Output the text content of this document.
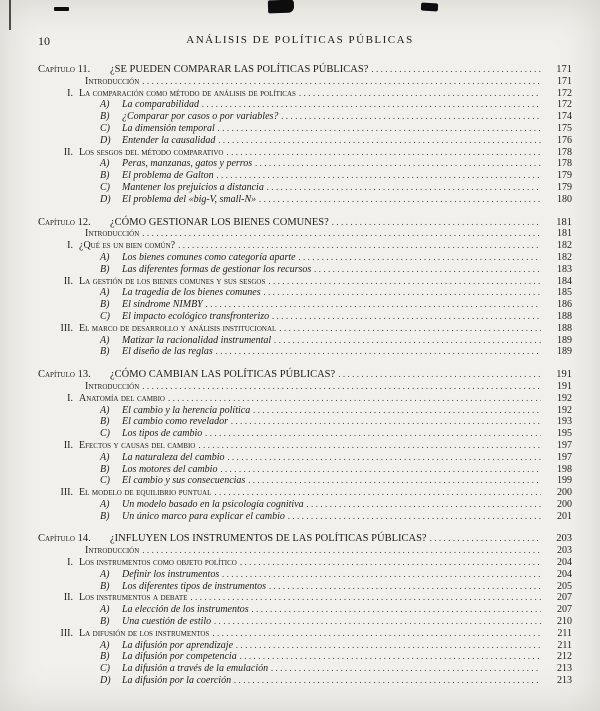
10	ANÁLISIS DE POLÍTICAS PÚBLICAS
Capítulo 11.	¿SE PUEDEN COMPARAR LAS POLÍTICAS PÚBLICAS? .....	171
Introducción .....	171
I. La comparación como método de análisis de políticas .....	172
A)	La comparabilidad .....	172
B)	¿Comparar por casos o por variables? .....	174
C)	La dimensión temporal .....	175
D)	Entender la causalidad .....	176
II. Los sesgos del método comparativo .....	178
A)	Peras, manzanas, gatos y perros .....	178
B)	El problema de Galton .....	179
C)	Mantener los prejuicios a distancia .....	179
D)	El problema del «big-V, small-N» .....	180
Capítulo 12.	¿CÓMO GESTIONAR LOS BIENES COMUNES? .....	181
Introducción .....	181
I. ¿Qué es un bien común? .....	182
A)	Los bienes comunes como categoría aparte .....	182
B)	Las diferentes formas de gestionar los recursos .....	183
II. La gestión de los bienes comunes y sus sesgos .....	184
A)	La tragedia de los bienes comunes .....	185
B)	El síndrome NIMBY .....	186
C)	El impacto ecológico transfronterizo .....	188
III. El marco de desarrollo y análisis institucional .....	188
A)	Matizar la racionalidad instrumental .....	189
B)	El diseño de las reglas .....	189
Capítulo 13.	¿CÓMO CAMBIAN LAS POLÍTICAS PÚBLICAS? .....	191
Introducción .....	191
I. Anatomía del cambio .....	192
A)	El cambio y la herencia política .....	192
B)	El cambio como revelador .....	193
C)	Los tipos de cambio .....	195
II. Efectos y causas del cambio .....	197
A)	La naturaleza del cambio .....	197
B)	Los motores del cambio .....	198
C)	El cambio y sus consecuencias .....	199
III. El modelo de equilibrio puntual .....	200
A)	Un modelo basado en la psicología cognitiva .....	200
B)	Un único marco para explicar el cambio .....	201
Capítulo 14.	¿INFLUYEN LOS INSTRUMENTOS DE LAS POLÍTICAS PÚBLICAS? .....	203
Introducción .....	203
I. Los instrumentos como objeto político .....	204
A)	Definir los instrumentos .....	204
B)	Los diferentes tipos de instrumentos .....	205
II. Los instrumentos a debate .....	207
A)	La elección de los instrumentos .....	207
B)	Una cuestión de estilo .....	210
III. La difusión de los instrumentos .....	211
A)	La difusión por aprendizaje .....	211
B)	La difusión por competencia .....	212
C)	La difusión a través de la emulación .....	213
D)	La difusión por la coerción .....	213
